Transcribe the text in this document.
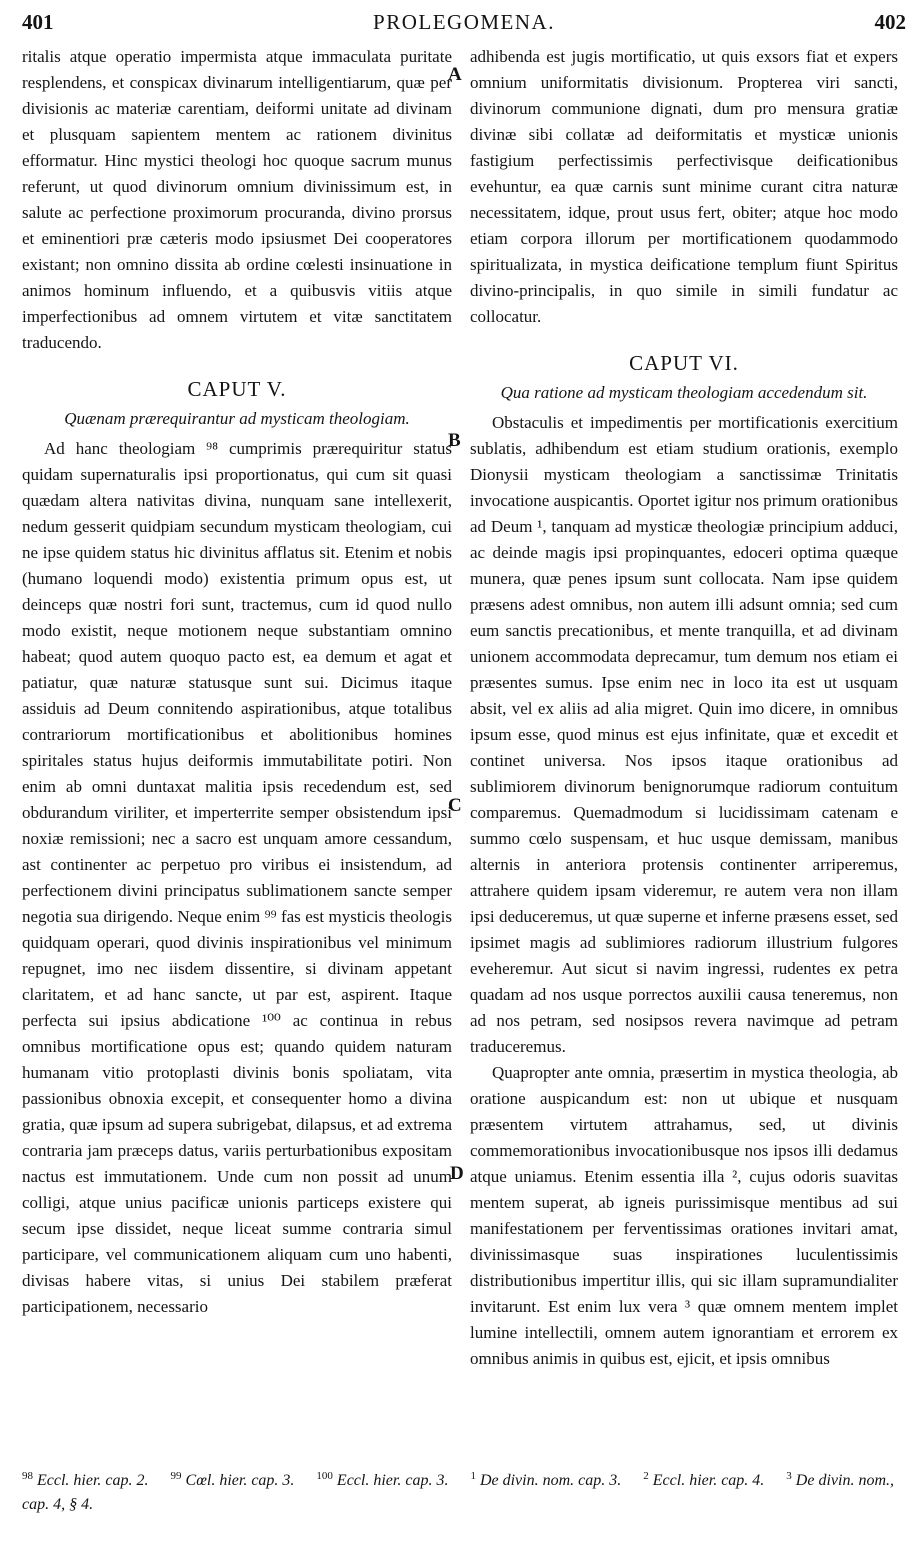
401	PROLEGOMENA.	402

ritalis atque operatio impermista atque immaculata puritate resplendens, et conspicax divinarum intelligentiarum, quæ per divisionis ac materiæ carentiam, deiformi unitate ad divinam et plusquam sapientem mentem ac rationem divinitus efformatur. Hinc mystici theologi hoc quoque sacrum munus referunt, ut quod divinorum omnium divinissimum est, in salute ac perfectione proximorum procuranda, divino prorsus et eminentiori præ cæteris modo ipsiusmet Dei cooperatores existant; non omnino dissita ab ordine cœlesti insinuatione in animos hominum influendo, et a quibusvis vitiis atque imperfectionibus ad omnem virtutem et vitæ sanctitatem traducendo.

CAPUT V.
Quænam prærequirantur ad mysticam theologiam.

Ad hanc theologiam ⁹⁸ cumprimis prærequiritur status quidam supernaturalis ipsi proportionatus, qui cum sit quasi quædam altera nativitas divina, nunquam sane intellexerit, nedum gesserit quidpiam secundum mysticam theologiam, cui ne ipse quidem status hic divinitus afflatus sit. Etenim et nobis (humano loquendi modo) existentia primum opus est, ut deinceps quæ nostri fori sunt, tractemus, cum id quod nullo modo existit, neque motionem neque substantiam omnino habeat; quod autem quoquo pacto est, ea demum et agat et patiatur, quæ naturæ statusque sunt sui. Dicimus itaque assiduis ad Deum connitendo aspirationibus, atque totalibus contrariorum mortificationibus et abolitionibus homines spiritales status hujus deiformis immutabilitate potiri. Non enim ab omni duntaxat malitia ipsis recedendum est, sed obdurandum viriliter, et imperterrite semper obsistendum ipsi noxiæ remissioni; nec a sacro est unquam amore cessandum, ast continenter ac perpetuo pro viribus ei insistendum, ad perfectionem divini principatus sublimationem sancte semper negotia sua dirigendo. Neque enim ⁹⁹ fas est mysticis theologis quidquam operari, quod divinis inspirationibus vel minimum repugnet, imo nec iisdem dissentire, si divinam appetant claritatem, et ad hanc sancte, ut par est, aspirent. Itaque perfecta sui ipsius abdicatione ¹⁰⁰ ac continua in rebus omnibus mortificatione opus est; quando quidem naturam humanam vitio protoplasti divinis bonis spoliatam, vita passionibus obnoxia excepit, et consequenter homo a divina gratia, quæ ipsum ad supera subrigebat, dilapsus, et ad extrema contraria jam præceps datus, variis perturbationibus expositam nactus est immutationem. Unde cum non possit ad unum colligi, atque unius pacificæ unionis particeps existere qui secum ipse dissidet, neque liceat summe contraria simul participare, vel communicationem aliquam cum uno habenti, divisas habere vitas, si unius Dei stabilem præferat participationem, necessario

adhibenda est jugis mortificatio, ut quis exsors fiat et expers omnium uniformitatis divisionum. Propterea viri sancti, divinorum communione dignati, dum pro mensura gratiæ divinæ sibi collatæ ad deiformitatis et mysticæ unionis fastigium perfectissimis perfectivisque deificationibus evehuntur, ea quæ carnis sunt minime curant citra naturæ necessitatem, idque, prout usus fert, obiter; atque hoc modo etiam corpora illorum per mortificationem quodammodo spiritualizata, in mystica deificatione templum fiunt Spiritus divino-principalis, in quo simile in simili fundatur ac collocatur.

CAPUT VI.
Qua ratione ad mysticam theologiam accedendum sit.

Obstaculis et impedimentis per mortificationis exercitium sublatis, adhibendum est etiam studium orationis, exemplo Dionysii mysticam theologiam a sanctissimæ Trinitatis invocatione auspicantis. Oportet igitur nos primum orationibus ad Deum ¹, tanquam ad mysticæ theologiæ principium adduci, ac deinde magis ipsi propinquantes, edoceri optima quæque munera, quæ penes ipsum sunt collocata. Nam ipse quidem præsens adest omnibus, non autem illi adsunt omnia; sed cum eum sanctis precationibus, et mente tranquilla, et ad divinam unionem accommodata deprecamur, tum demum nos etiam ei præsentes sumus. Ipse enim nec in loco ita est ut usquam absit, vel ex aliis ad alia migret. Quin imo dicere, in omnibus ipsum esse, quod minus est ejus infinitate, quæ et excedit et continet universa. Nos ipsos itaque orationibus ad sublimiorem divinorum benignorumque radiorum contuitum comparemus. Quemadmodum si lucidissimam catenam e summo cœlo suspensam, et huc usque demissam, manibus alternis in anteriora protensis continenter arriperemus, attrahere quidem ipsam videremur, re autem vera non illam ipsi deduceremus, ut quæ superne et inferne præsens esset, sed ipsimet magis ad sublimiores radiorum illustrium fulgores eveheremur. Aut sicut si navim ingressi, rudentes ex petra quadam ad nos usque porrectos auxilii causa teneremus, non ad nos petram, sed nosipsos revera navimque ad petram traduceremus.

Quapropter ante omnia, præsertim in mystica theologia, ab oratione auspicandum est: non ut ubique et nusquam præsentem virtutem attrahamus, sed, ut divinis commemorationibus invocationibusque nos ipsos illi dedamus atque uniamus. Etenim essentia illa ², cujus odoris suavitas mentem superat, ab igneis purissimisque mentibus ad sui manifestationem per ferventissimas orationes invitari amat, divinissimasque suas inspirationes luculentissimis distributionibus impertitur illis, qui sic illam supramundialiter invitarunt. Est enim lux vera ³ quæ omnem mentem implet lumine intellectili, omnem autem ignorantiam et errorem ex omnibus animis in quibus est, ejicit, et ipsis omnibus

A
B
C
D
$^{98}$ Eccl. hier. cap. 2. $^{99}$ Cœl. hier. cap. 3. $^{100}$ Eccl. hier. cap. 3. $^1$ De divin. nom. cap. 3. $^2$ Eccl. hier. cap. 4. $^3$ De divin. nom., cap. 4, § 4.
